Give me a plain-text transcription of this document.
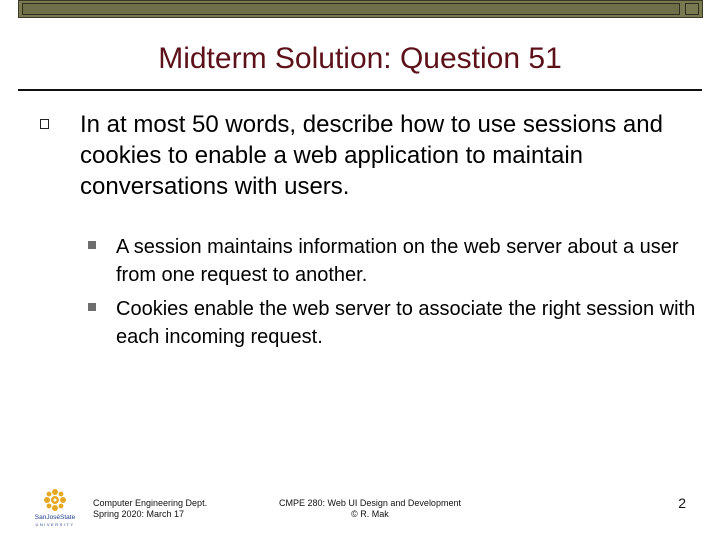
Midterm Solution: Question 51

In at most 50 words, describe how to use sessions and cookies to enable a web application to maintain conversations with users.

A session maintains information on the web server about a user from one request to another.

Cookies enable the web server to associate the right session with each incoming request.

SanJoséState
UNIVERSITY
Computer Engineering Dept.
Spring 2020: March 17
CMPE 280: Web UI Design and Development
© R. Mak
2
